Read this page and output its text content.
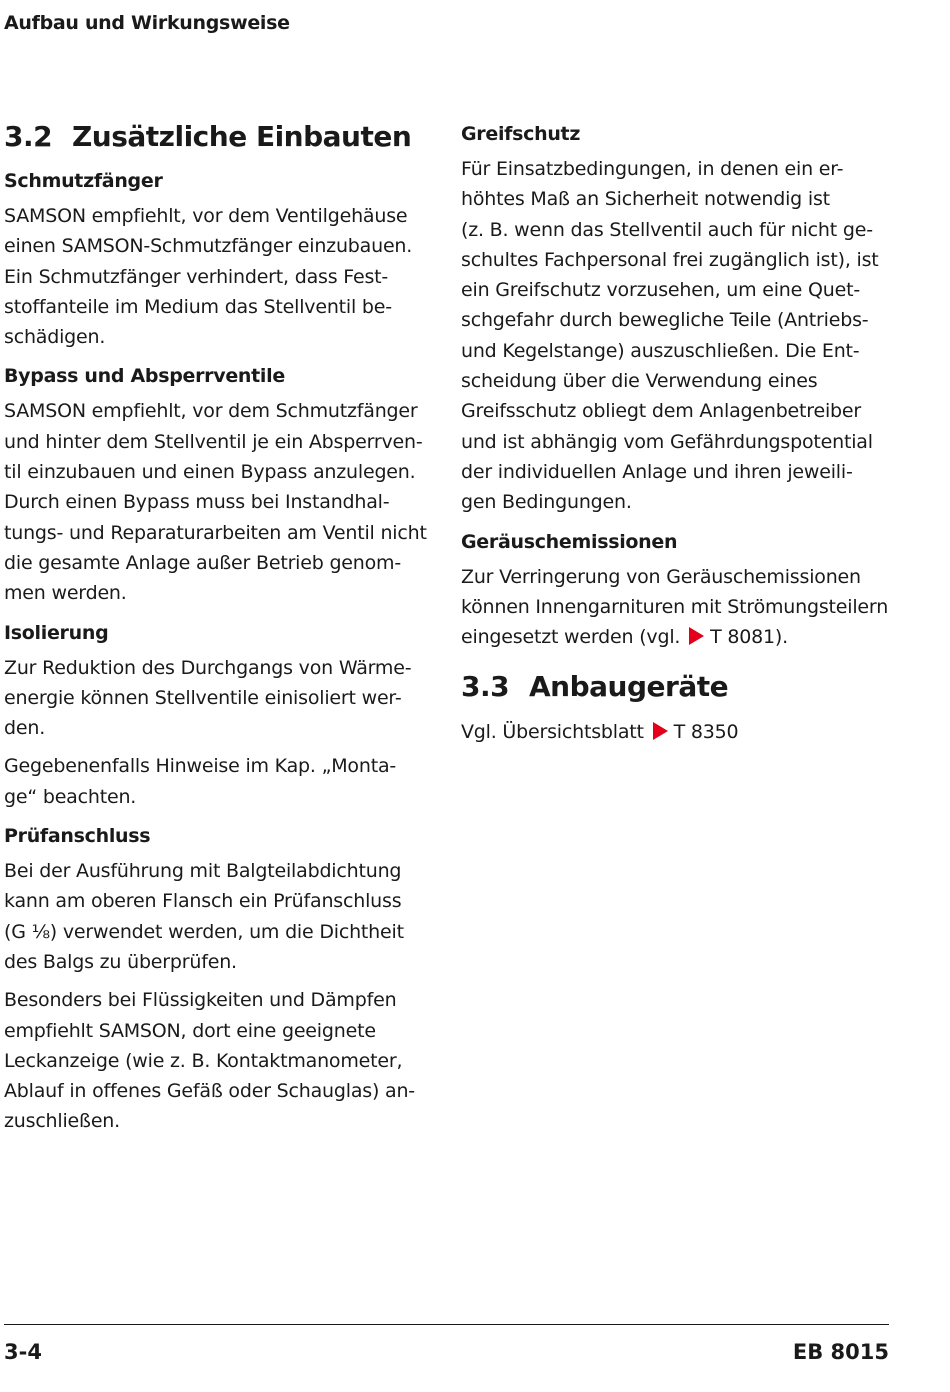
Aufbau und Wirkungsweise
3.2 Zusätzliche Einbauten
Schmutzfänger
SAMSON empfiehlt, vor dem Ventilgehäuse
einen SAMSON-Schmutzfänger einzubauen.
Ein Schmutzfänger verhindert, dass Fest-
stoffanteile im Medium das Stellventil be-
schädigen.
Bypass und Absperrventile
SAMSON empfiehlt, vor dem Schmutzfänger
und hinter dem Stellventil je ein Absperrven-
til einzubauen und einen Bypass anzulegen.
Durch einen Bypass muss bei Instandhal-
tungs- und Reparaturarbeiten am Ventil nicht
die gesamte Anlage außer Betrieb genom-
men werden.
Isolierung
Zur Reduktion des Durchgangs von Wärme-
energie können Stellventile einisoliert wer-
den.
Gegebenenfalls Hinweise im Kap. „Monta-
ge“ beachten.
Prüfanschluss
Bei der Ausführung mit Balgteilabdichtung
kann am oberen Flansch ein Prüfanschluss
(G ⅛) verwendet werden, um die Dichtheit
des Balgs zu überprüfen.
Besonders bei Flüssigkeiten und Dämpfen
empfiehlt SAMSON, dort eine geeignete
Leckanzeige (wie z. B. Kontaktmanometer,
Ablauf in offenes Gefäß oder Schauglas) an-
zuschließen.
Greifschutz
Für Einsatzbedingungen, in denen ein er-
höhtes Maß an Sicherheit notwendig ist
(z. B. wenn das Stellventil auch für nicht ge-
schultes Fachpersonal frei zugänglich ist), ist
ein Greifschutz vorzusehen, um eine Quet-
schgefahr durch bewegliche Teile (Antriebs-
und Kegelstange) auszuschließen. Die Ent-
scheidung über die Verwendung eines
Greifsschutz obliegt dem Anlagenbetreiber
und ist abhängig vom Gefährdungspotential
der individuellen Anlage und ihren jeweili-
gen Bedingungen.
Geräuschemissionen
Zur Verringerung von Geräuschemissionen
können Innengarnituren mit Strömungsteilern
eingesetzt werden (vgl. T 8081).
3.3 Anbaugeräte
Vgl. Übersichtsblatt T 8350
3-4	EB 8015
